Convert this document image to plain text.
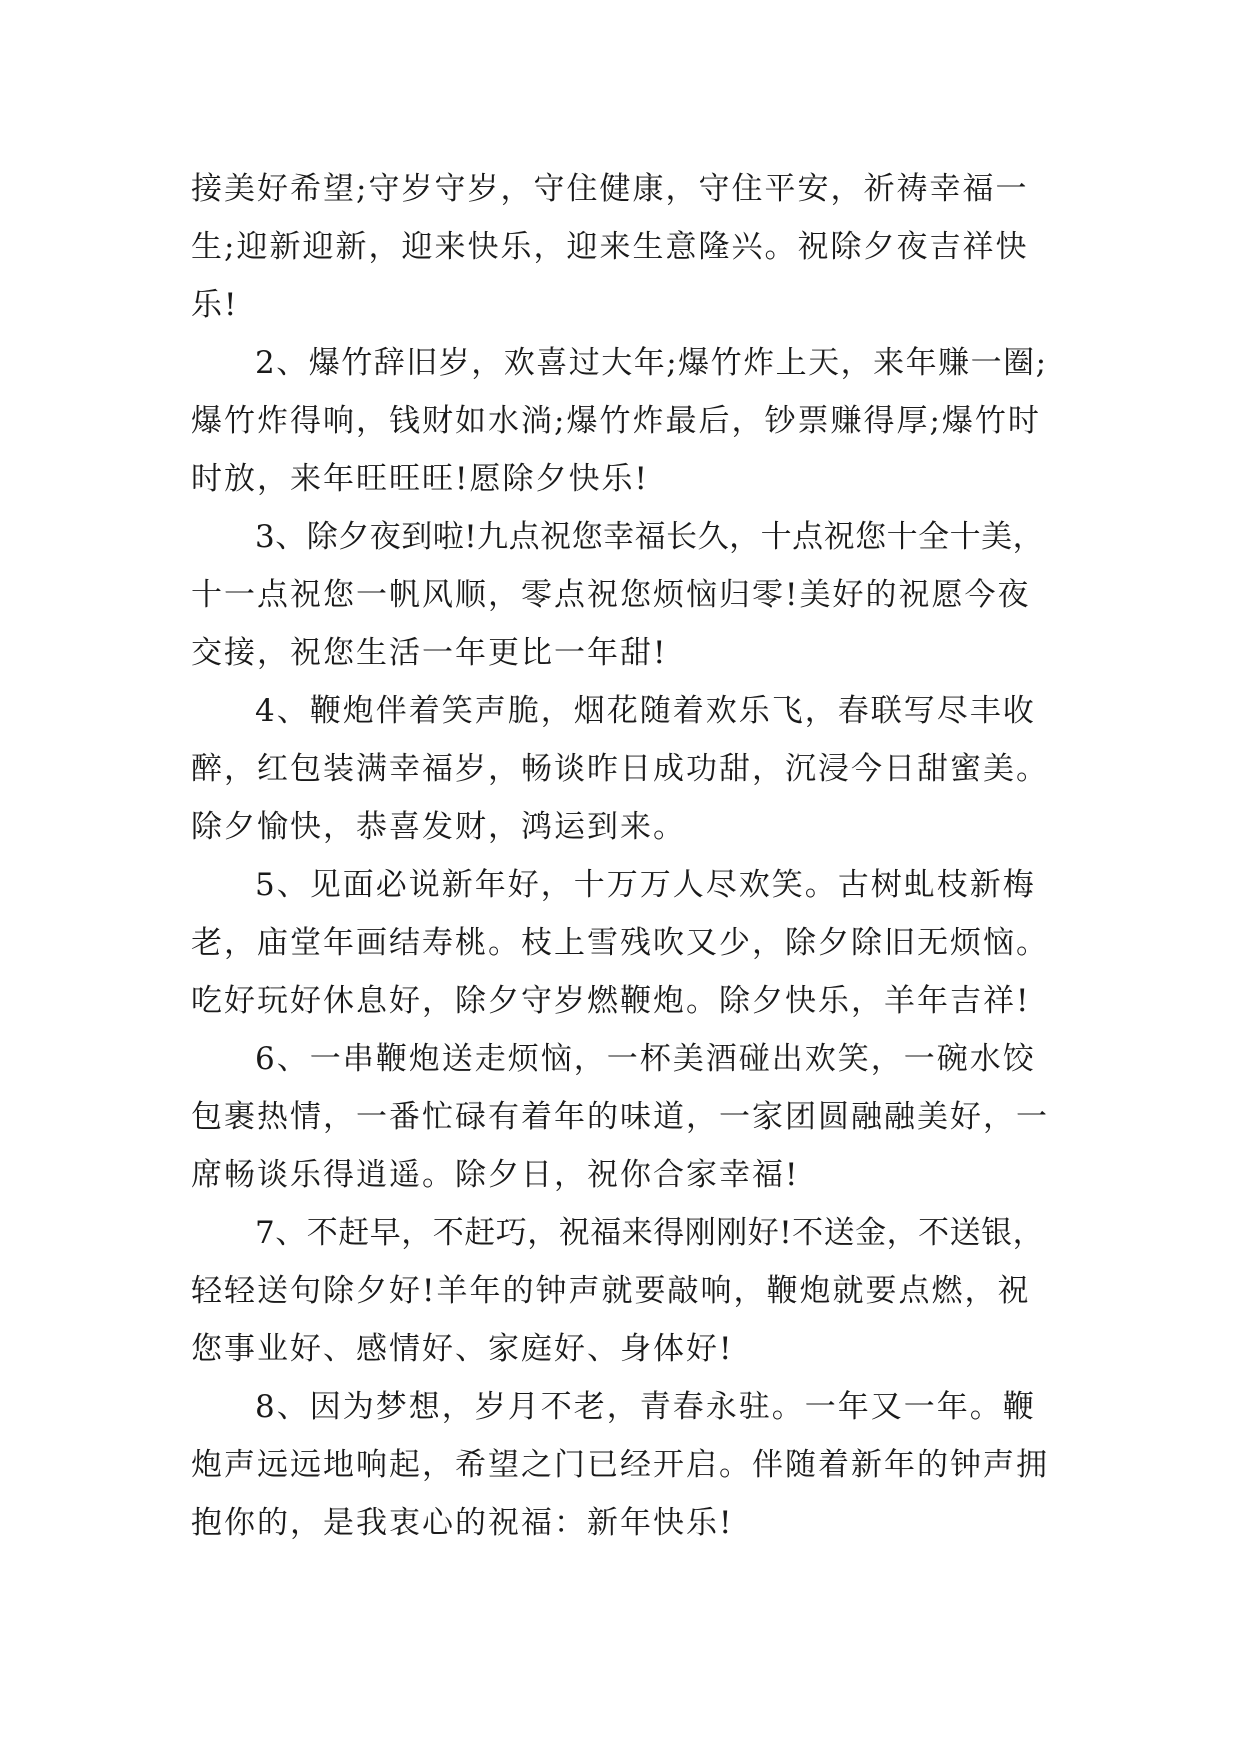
接美好希望;守岁守岁，守住健康，守住平安，祈祷幸福一
生;迎新迎新，迎来快乐，迎来生意隆兴。祝除夕夜吉祥快
乐!

2、爆竹辞旧岁，欢喜过大年;爆竹炸上天，来年赚一圈;
爆竹炸得响，钱财如水淌;爆竹炸最后，钞票赚得厚;爆竹时
时放，来年旺旺旺!愿除夕快乐!

3、除夕夜到啦!九点祝您幸福长久，十点祝您十全十美，
十一点祝您一帆风顺，零点祝您烦恼归零!美好的祝愿今夜
交接，祝您生活一年更比一年甜!

4、鞭炮伴着笑声脆，烟花随着欢乐飞，春联写尽丰收
醉，红包装满幸福岁，畅谈昨日成功甜，沉浸今日甜蜜美。
除夕愉快，恭喜发财，鸿运到来。

5、见面必说新年好，十万万人尽欢笑。古树虬枝新梅
老，庙堂年画结寿桃。枝上雪残吹又少，除夕除旧无烦恼。
吃好玩好休息好，除夕守岁燃鞭炮。除夕快乐，羊年吉祥!

6、一串鞭炮送走烦恼，一杯美酒碰出欢笑，一碗水饺
包裹热情，一番忙碌有着年的味道，一家团圆融融美好，一
席畅谈乐得逍遥。除夕日，祝你合家幸福!

7、不赶早，不赶巧，祝福来得刚刚好!不送金，不送银，
轻轻送句除夕好!羊年的钟声就要敲响，鞭炮就要点燃，祝
您事业好、感情好、家庭好、身体好!

8、因为梦想，岁月不老，青春永驻。一年又一年。鞭
炮声远远地响起，希望之门已经开启。伴随着新年的钟声拥
抱你的，是我衷心的祝福：新年快乐!
